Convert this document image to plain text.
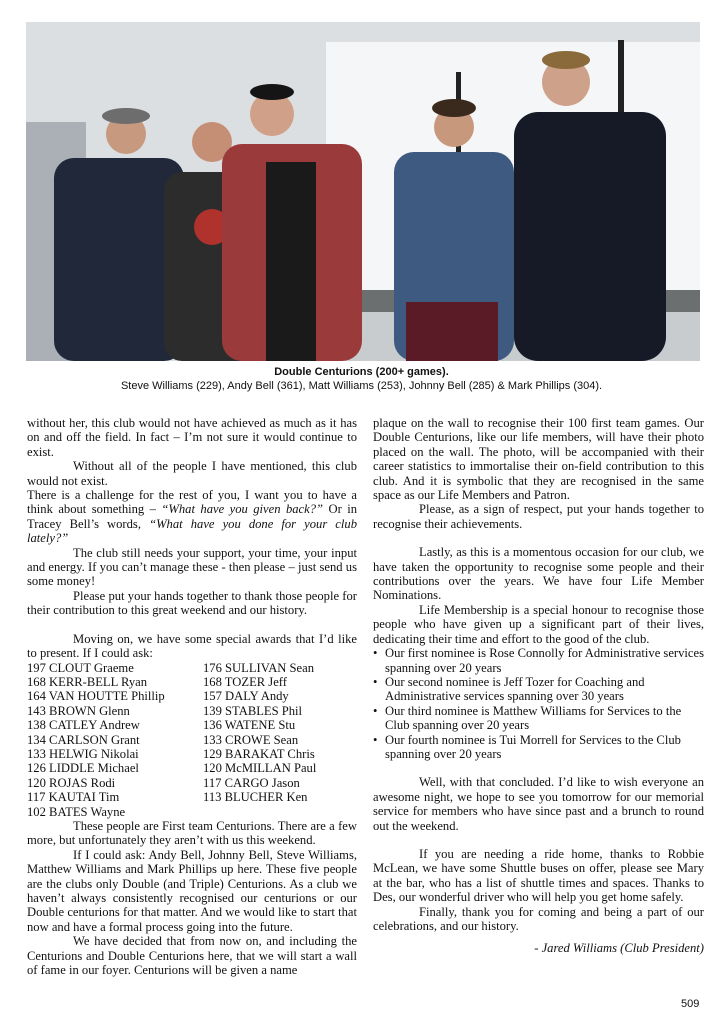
Double Centurions (200+ games).
Steve Williams (229), Andy Bell (361), Matt Williams (253), Johnny Bell (285) & Mark Phillips (304).

without her, this club would not have achieved as much as it has on and off the field. In fact – I’m not sure it would continue to exist.

Without all of the people I have mentioned, this club would not exist.

There is a challenge for the rest of you, I want you to have a think about something – “What have you given back?” Or in Tracey Bell’s words, “What have you done for your club lately?”

The club still needs your support, your time, your input and energy. If you can’t manage these - then please – just send us some money!

Please put your hands together to thank those people for their contribution to this great weekend and our history.

Moving on, we have some special awards that I’d like to present. If I could ask:

197 CLOUT Graeme	176 SULLIVAN Sean
168 KERR-BELL Ryan	168 TOZER Jeff
164 VAN HOUTTE Phillip	157 DALY Andy
143 BROWN Glenn	139 STABLES Phil
138 CATLEY Andrew	136 WATENE Stu
134 CARLSON Grant	133 CROWE Sean
133 HELWIG Nikolai	129 BARAKAT Chris
126 LIDDLE Michael	120 McMILLAN Paul
120 ROJAS Rodi	117 CARGO Jason
117 KAUTAI Tim	113 BLUCHER Ken
102 BATES Wayne

These people are First team Centurions. There are a few more, but unfortunately they aren’t with us this weekend.

If I could ask: Andy Bell, Johnny Bell, Steve Williams, Matthew Williams and Mark Phillips up here. These five people are the clubs only Double (and Triple) Centurions. As a club we haven’t always consistently recognised our centurions or our Double centurions for that matter. And we would like to start that now and have a formal process going into the future.

We have decided that from now on, and including the Centurions and Double Centurions here, that we will start a wall of fame in our foyer. Centurions will be given a name

plaque on the wall to recognise their 100 first team games. Our Double Centurions, like our life members, will have their photo placed on the wall. The photo, will be accompanied with their career statistics to immortalise their on-field contribution to this club. And it is symbolic that they are recognised in the same space as our Life Members and Patron.

Please, as a sign of respect, put your hands together to recognise their achievements.

Lastly, as this is a momentous occasion for our club, we have taken the opportunity to recognise some people and their contributions over the years. We have four Life Member Nominations.

Life Membership is a special honour to recognise those people who have given up a significant part of their lives, dedicating their time and effort to the good of the club.

• Our first nominee is Rose Connolly for Administrative services spanning over 20 years
• Our second nominee is Jeff Tozer for Coaching and Administrative services spanning over 30 years
• Our third nominee is Matthew Williams for Services to the Club spanning over 20 years
• Our fourth nominee is Tui Morrell for Services to the Club spanning over 20 years

Well, with that concluded. I’d like to wish everyone an awesome night, we hope to see you tomorrow for our memorial service for members who have since past and a brunch to round out the weekend.

If you are needing a ride home, thanks to Robbie McLean, we have some Shuttle buses on offer, please see Mary at the bar, who has a list of shuttle times and spaces. Thanks to Des, our wonderful driver who will help you get home safely.

Finally, thank you for coming and being a part of our celebrations, and our history.

- Jared Williams (Club President)

509
